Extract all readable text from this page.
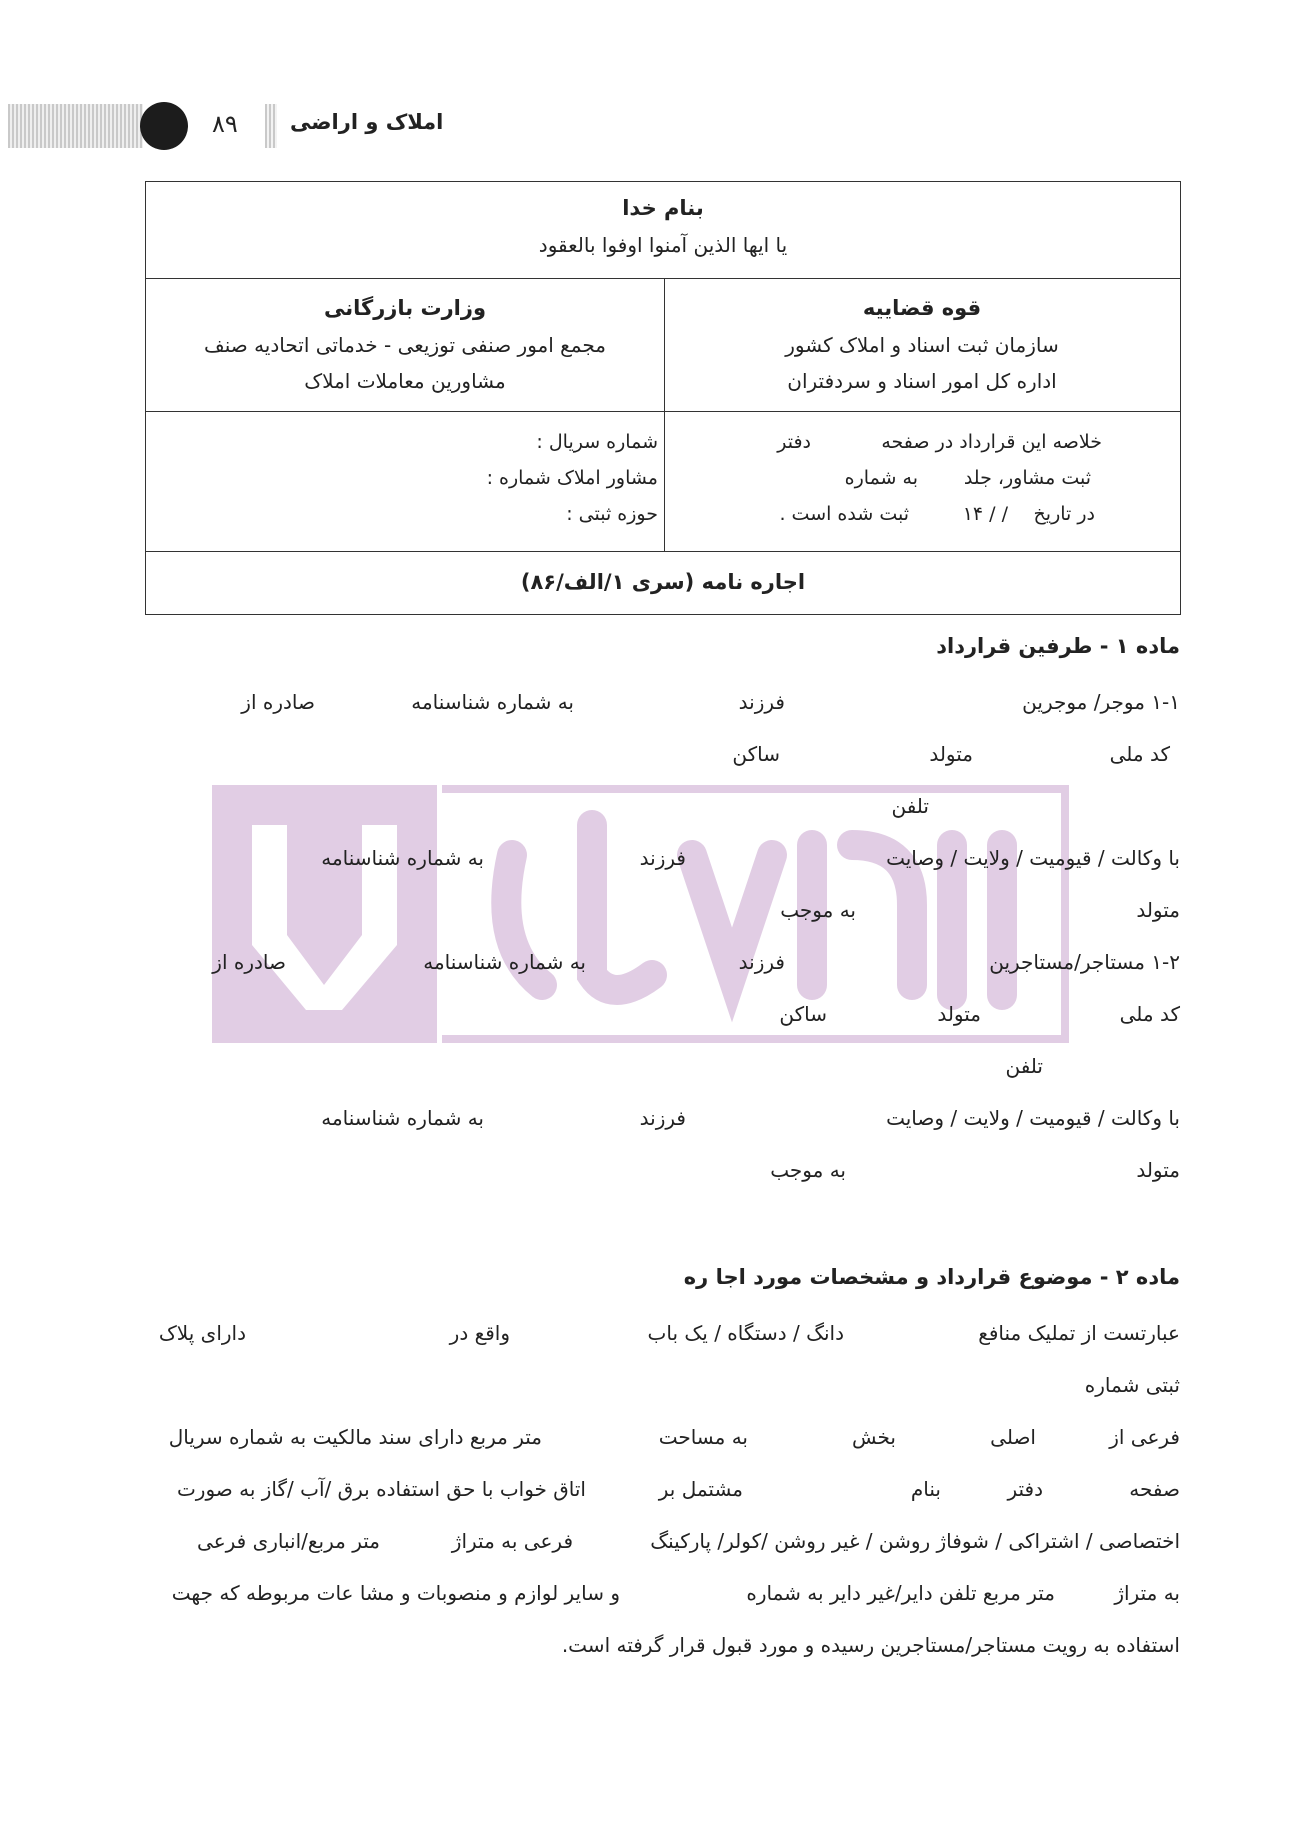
۸۹ املاک و اراضی
بنام خدا
یا ایها الذین آمنوا اوفوا بالعقود
قوه قضاییه
سازمان ثبت اسناد و املاک کشور
اداره کل امور اسناد و سردفتران
وزارت بازرگانی
مجمع امور صنفی توزیعی - خدماتی اتحادیه صنف
مشاورین معاملات املاک
خلاصه این قرارداد در صفحه
دفتر
ثبت مشاور، جلد
به شماره
در تاریخ
/ / ۱۴
ثبت شده است .
شماره سریال :
مشاور املاک شماره :
حوزه ثبتی :
اجاره نامه (سری ۱/الف/۸۶)
ماده ۱ - طرفین قرارداد
۱-۱ موجر/ موجرین
فرزند
به شماره شناسنامه
صادره از
کد ملی
متولد
ساکن
تلفن
با وکالت / قیومیت / ولایت / وصایت
فرزند
به شماره شناسنامه
متولد
به موجب
۱-۲ مستاجر/مستاجرین
فرزند
به شماره شناسنامه
صادره از
کد ملی
متولد
ساکن
تلفن
با وکالت / قیومیت / ولایت / وصایت
فرزند
به شماره شناسنامه
متولد
به موجب
ماده ۲ - موضوع قرارداد و مشخصات مورد اجا ره
عبارتست از تملیک منافع
دانگ / دستگاه / یک باب
واقع در
دارای پلاک
ثبتی شماره
فرعی از
اصلی
بخش
به مساحت
متر مربع دارای سند مالکیت به شماره سریال
صفحه
دفتر
بنام
مشتمل بر
اتاق خواب با حق استفاده برق /آب /گاز به صورت
اختصاصی / اشتراکی / شوفاژ روشن / غیر روشن /کولر/ پارکینگ
فرعی به متراژ
متر مربع/انباری فرعی
به متراژ
متر مربع تلفن دایر/غیر دایر به شماره
و سایر لوازم و منصوبات و مشا عات مربوطه که جهت
استفاده به رویت مستاجر/مستاجرین رسیده و مورد قبول قرار گرفته است.
